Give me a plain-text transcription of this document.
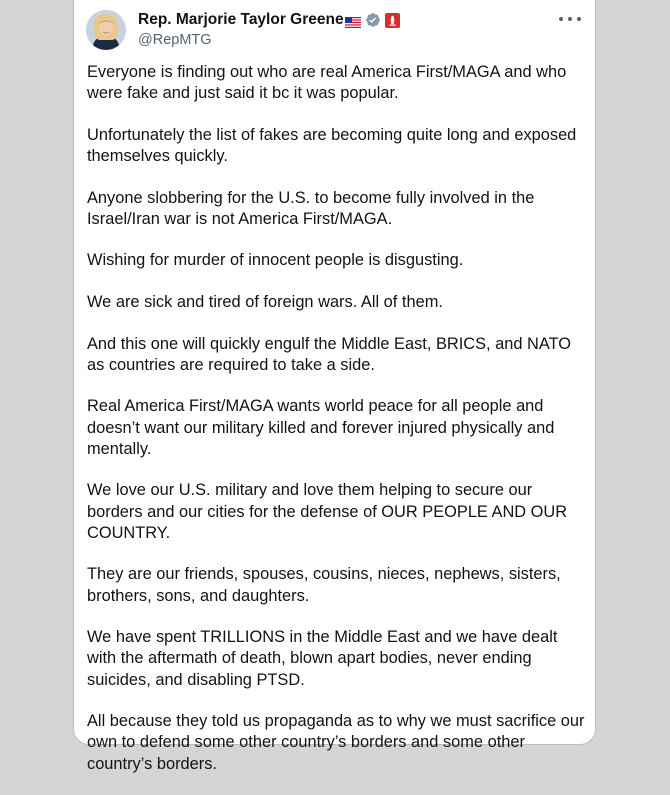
Rep. Marjorie Taylor Greene
@RepMTG

Everyone is finding out who are real America First/MAGA and who were fake and just said it bc it was popular.

Unfortunately the list of fakes are becoming quite long and exposed themselves quickly.

Anyone slobbering for the U.S. to become fully involved in the Israel/Iran war is not America First/MAGA.

Wishing for murder of innocent people is disgusting.

We are sick and tired of foreign wars. All of them.

And this one will quickly engulf the Middle East, BRICS, and NATO as countries are required to take a side.

Real America First/MAGA wants world peace for all people and doesn’t want our military killed and forever injured physically and mentally.

We love our U.S. military and love them helping to secure our borders and our cities for the defense of OUR PEOPLE AND OUR COUNTRY.

They are our friends, spouses, cousins, nieces, nephews, sisters, brothers, sons, and daughters.

We have spent TRILLIONS in the Middle East and we have dealt with the aftermath of death, blown apart bodies, never ending suicides, and disabling PTSD.

All because they told us propaganda as to why we must sacrifice our own to defend some other country’s borders and some other country’s borders.
